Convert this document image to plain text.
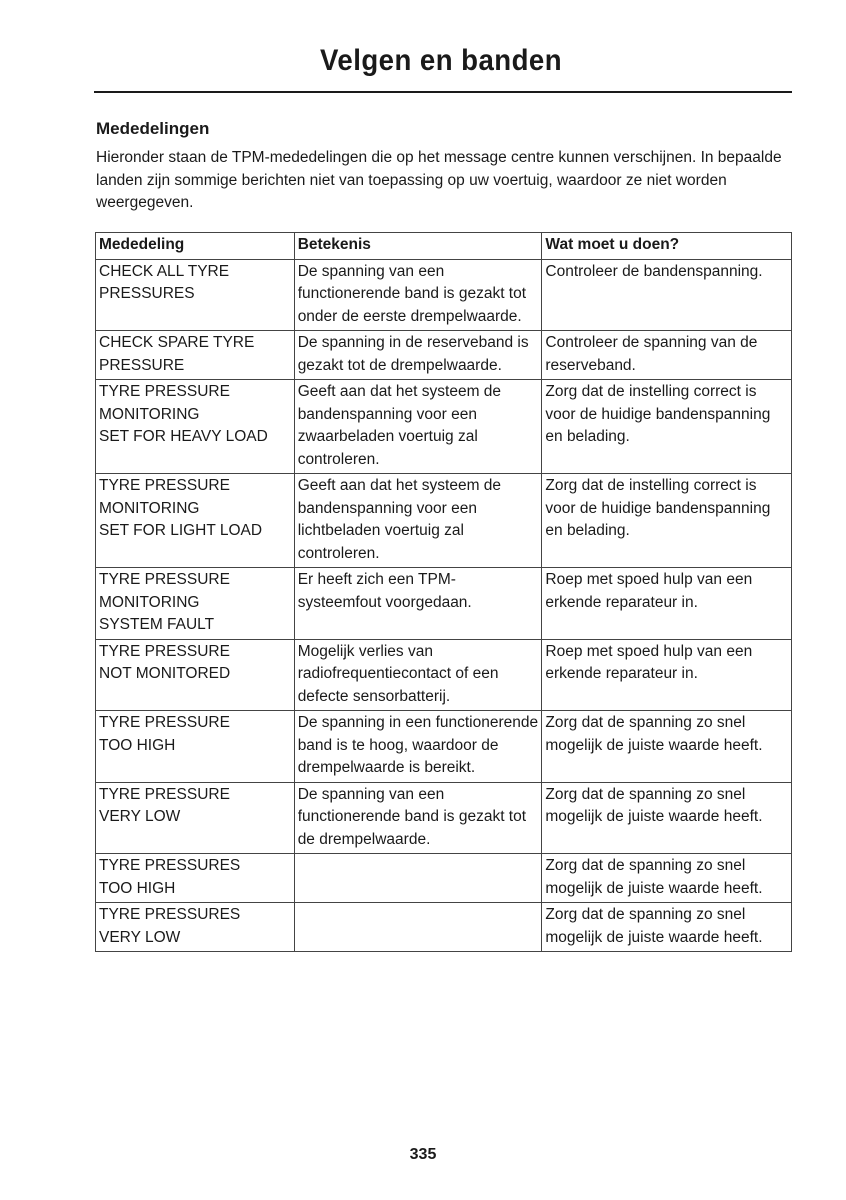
Velgen en banden
Mededelingen
Hieronder staan de TPM-mededelingen die op het message centre kunnen verschijnen. In bepaalde landen zijn sommige berichten niet van toepassing op uw voertuig, waardoor ze niet worden weergegeven.
Mededeling	Betekenis	Wat moet u doen?
CHECK ALL TYRE
PRESSURES	De spanning van een functionerende band is gezakt tot onder de eerste drempelwaarde.	Controleer de bandenspanning.
CHECK SPARE TYRE
PRESSURE	De spanning in de reserveband is gezakt tot de drempelwaarde.	Controleer de spanning van de reserveband.
TYRE PRESSURE
MONITORING
SET FOR HEAVY LOAD	Geeft aan dat het systeem de bandenspanning voor een zwaarbeladen voertuig zal controleren.	Zorg dat de instelling correct is voor de huidige bandenspanning en belading.
TYRE PRESSURE
MONITORING
SET FOR LIGHT LOAD	Geeft aan dat het systeem de bandenspanning voor een lichtbeladen voertuig zal controleren.	Zorg dat de instelling correct is voor de huidige bandenspanning en belading.
TYRE PRESSURE
MONITORING
SYSTEM FAULT	Er heeft zich een TPM-systeemfout voorgedaan.	Roep met spoed hulp van een erkende reparateur in.
TYRE PRESSURE
NOT MONITORED	Mogelijk verlies van radiofrequentiecontact of een defecte sensorbatterij.	Roep met spoed hulp van een erkende reparateur in.
TYRE PRESSURE
TOO HIGH	De spanning in een functionerende band is te hoog, waardoor de drempelwaarde is bereikt.	Zorg dat de spanning zo snel mogelijk de juiste waarde heeft.
TYRE PRESSURE
VERY LOW	De spanning van een functionerende band is gezakt tot de drempelwaarde.	Zorg dat de spanning zo snel mogelijk de juiste waarde heeft.
TYRE PRESSURES
TOO HIGH		Zorg dat de spanning zo snel mogelijk de juiste waarde heeft.
TYRE PRESSURES
VERY LOW		Zorg dat de spanning zo snel mogelijk de juiste waarde heeft.
335
